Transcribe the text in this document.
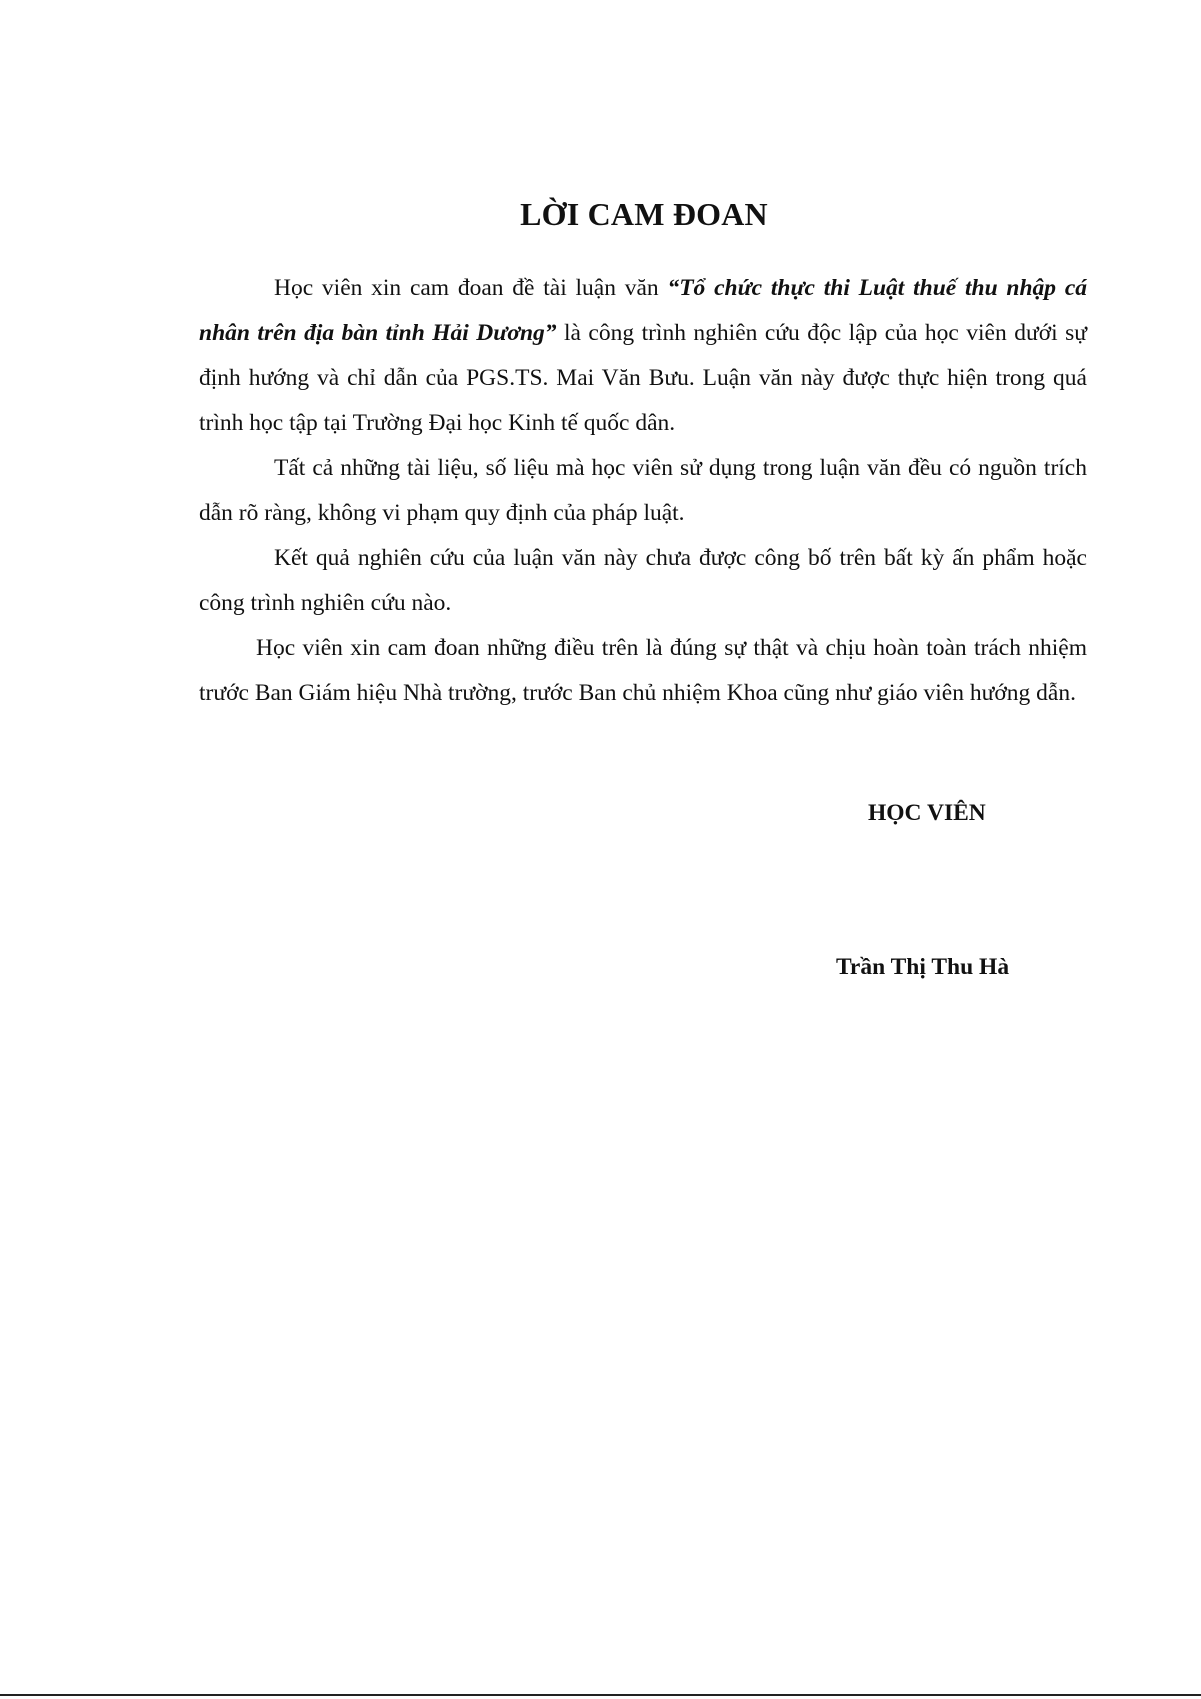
LỜI CAM ĐOAN

Học viên xin cam đoan đề tài luận văn “Tổ chức thực thi Luật thuế thu nhập cá nhân trên địa bàn tỉnh Hải Dương” là công trình nghiên cứu độc lập của học viên dưới sự định hướng và chỉ dẫn của PGS.TS. Mai Văn Bưu. Luận văn này được thực hiện trong quá trình học tập tại Trường Đại học Kinh tế quốc dân.

Tất cả những tài liệu, số liệu mà học viên sử dụng trong luận văn đều có nguồn trích dẫn rõ ràng, không vi phạm quy định của pháp luật.

Kết quả nghiên cứu của luận văn này chưa được công bố trên bất kỳ ấn phẩm hoặc công trình nghiên cứu nào.

Học viên xin cam đoan những điều trên là đúng sự thật và chịu hoàn toàn trách nhiệm trước Ban Giám hiệu Nhà trường, trước Ban chủ nhiệm Khoa cũng như giáo viên hướng dẫn.

HỌC VIÊN
Trần Thị Thu Hà
